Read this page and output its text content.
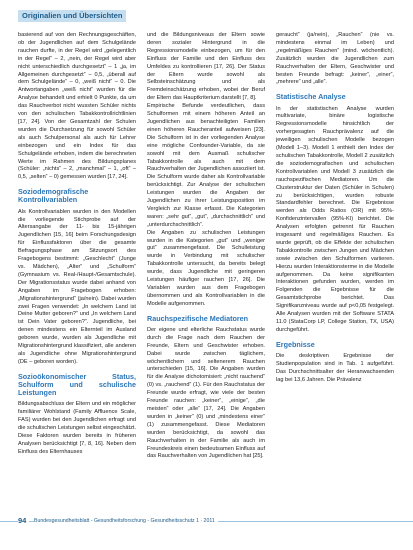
Originalien und Übersichten

basierend auf von den Rechnungsgeschäften, ob der Jugendlichen auf dem Schulgelände rauchen durfte, in der Regel wird „gelegentlich in der Regel“ – 2, „nein, der Regel wird aber nicht unterschiedlich durchgesetzt“ – 1 „ja, im Allgemeinen durchgesetzt“ – 0,5, „überall auf dem Schulgelände“ – 0, „weiß nicht“ – 0. Die Antwortangaben „weiß nicht“ wurden für die Analyse behandelt und erhielt 0 Punkte, da um das Rauchverbot nicht wussten Schüler nichts von den schulischen Tabakkontrollrichtlinien [17, 24]. Von der Gesamtzahl der Schulen wurden die Durchsetzung für sowohl Schüler als auch Schulpersonal als auch für Lehrer einbezogen und ein Index für das Schulgelände erhoben, indem die berechneten Werte im Rahmen des Bildungsplanes (Schüler: „nichts“ – 2, „manchmal“ – 1, „oft“ – 0,5, „selten“ – 0) gemessen wurden [17, 24].

Soziodemografische Kontrollvariablen

Als Kontrollvariablen wurden in den Modellen die vorliegende Stichprobe auf der Altersangabe der 11- bis 15-jährigen Jugendlichen [15, 16] beim Forschungsdesign für Einflussfaktoren über die gesamte Befragungsphase am Sitzungsort des Fragebogens bestimmt: „Geschlecht“ (Junge vs. Mädchen), „Alter“ und „Schulform“ (Gymnasium vs. Real-/Haupt-/Gesamtschule). Der Migrationsstatus wurde dabei anhand von Angaben im Fragebogen erhoben: „Migrationshintergrund“ (ja/nein). Dabei wurden zwei Fragen verwendet: „In welchem Land ist Deine Mutter geboren?“ und „In welchem Land ist Dein Vater geboren?“. Jugendliche, bei denen mindestens ein Elternteil im Ausland geboren wurde, wurden als Jugendliche mit Migrationshintergrund klassifiziert, alle anderen als Jugendliche ohne Migrationshintergrund (DE – geboren worden).

Sozioökonomischer Status, Schulform und schulische Leistungen

Bildungsabschluss der Eltern und ein möglicher familiärer Wohlstand (Family Affluence Scale, FAS) wurden bei den Jugendlichen erfragt und die schulischen Leistungen selbst eingeschätzt. Diese Faktoren wurden bereits in früheren Analysen berücksichtigt [7, 8, 16]. Neben dem Einfluss des Elternhauses

und die Bildungsniveaus der Eltern sowie deren sozialer Hintergrund in die Regressionsmodelle einbezogen, um für den Einfluss der Familie und den Einfluss des Umfeldes zu kontrollieren [17, 26]. Der Status der Eltern wurde sowohl als Selbsteinschätzung und als Fremdeinschätzung erhoben, wobei der Beruf der Eltern das Hauptkriterium darstellt [7, 8].

Empirische Befunde verdeutlichen, dass Schulformen mit einem höheren Anteil an Jugendlichen aus benachteiligten Familien einen höheren Raucheranteil aufweisen [23]. Die Schulform ist in der vorliegenden Analyse eine mögliche Confounder-Variable, da sie sowohl mit dem Ausmaß schulischer Tabakkontrolle als auch mit dem Rauchverhalten der Jugendlichen assoziiert ist. Die Schulform wurde daher als Kontrollvariable berücksichtigt. Zur Analyse der schulischen Leistungen wurden die Angaben der Jugendlichen zu ihrer Leistungsposition im Vergleich zur Klasse erfasst. Die Kategorien waren: „sehr gut“, „gut“, „durchschnittlich“ und „unterdurchschnittlich“.

Die Angaben zu schulischen Leistungen wurden in die Kategorien „gut“ und „weniger gut“ zusammengefasst. Die Schulleistung wurde in Verbindung mit schulischer Tabakkontrolle untersucht, da bereits belegt wurde, dass Jugendliche mit geringeren Leistungen häufiger rauchen [17, 26]. Die Variablen wurden aus dem Fragebogen übernommen und als Kontrollvariablen in die Modelle aufgenommen.

Rauchspezifische Mediatoren

Der eigene und elterliche Rauchstatus wurde durch die Frage nach dem Rauchen der Freunde, Eltern und Geschwister erhoben. Dabei wurde zwischen täglichem, wöchentlichem und seltenerem Rauchen unterschieden [15, 16]. Die Angaben wurden für die Analyse dichotomisiert: „nicht rauchend“ (0) vs. „rauchend“ (1). Für den Rauchstatus der Freunde wurde erfragt, wie viele der besten Freunde rauchen: „keiner“, „einige“, „die meisten“ oder „alle“ [17, 24]. Die Angaben wurden in „keiner“ (0) und „mindestens einer“ (1) zusammengefasst. Diese Mediatoren wurden berücksichtigt, da sowohl das Rauchverhalten in der Familie als auch im Freundeskreis einen bedeutsamen Einfluss auf das Rauchverhalten von Jugendlichen hat [25].

geraucht“ (ja/nein), „Rauchen“ (nie vs. mindestens einmal im Leben) und „regelmäßiges Rauchen“ (mind. wöchentlich). Zusätzlich wurden die Jugendlichen zum Rauchverhalten der Eltern, Geschwister und besten Freunde befragt: „keiner“, „einer“, „mehrere“ und „alle“.

Statistische Analyse

In der statistischen Analyse wurden multivariate, binäre logistische Regressionsmodelle hinsichtlich der vorhergesagten Rauchprävalenz auf die jeweiligen schulischen Modelle bezogen (Modell 1–3). Modell 1 enthielt den Index der schulischen Tabakkontrolle, Modell 2 zusätzlich die soziodemografischen und schulischen Kontrollvariablen und Modell 3 zusätzlich die rauchspezifischen Mediatoren. Um die Clusterstruktur der Daten (Schüler in Schulen) zu berücksichtigen, wurden robuste Standardfehler berechnet. Die Ergebnisse werden als Odds Ratios (OR) mit 95%-Konfidenzintervallen (95%-KI) berichtet. Die Analysen erfolgten getrennt für Rauchen insgesamt und regelmäßiges Rauchen. Es wurde geprüft, ob die Effekte der schulischen Tabakkontrolle zwischen Jungen und Mädchen sowie zwischen den Schulformen variieren. Hierzu wurden Interaktionsterme in die Modelle aufgenommen. Da keine signifikanten Interaktionen gefunden wurden, werden im Folgenden die Ergebnisse für die Gesamtstichprobe berichtet. Das Signifikanzniveau wurde auf p<0,05 festgelegt. Alle Analysen wurden mit der Software STATA 11.0 (StataCorp LP, College Station, TX, USA) durchgeführt.

Ergebnisse

Die deskriptiven Ergebnisse der Studienpopulation sind in Tab. 1 aufgeführt. Das Durchschnittsalter der Heranwachsenden lag bei 13,6 Jahren. Die Prävalenz

94	Bundesgesundheitsblatt - Gesundheitsforschung - Gesundheitsschutz 1 · 2011
